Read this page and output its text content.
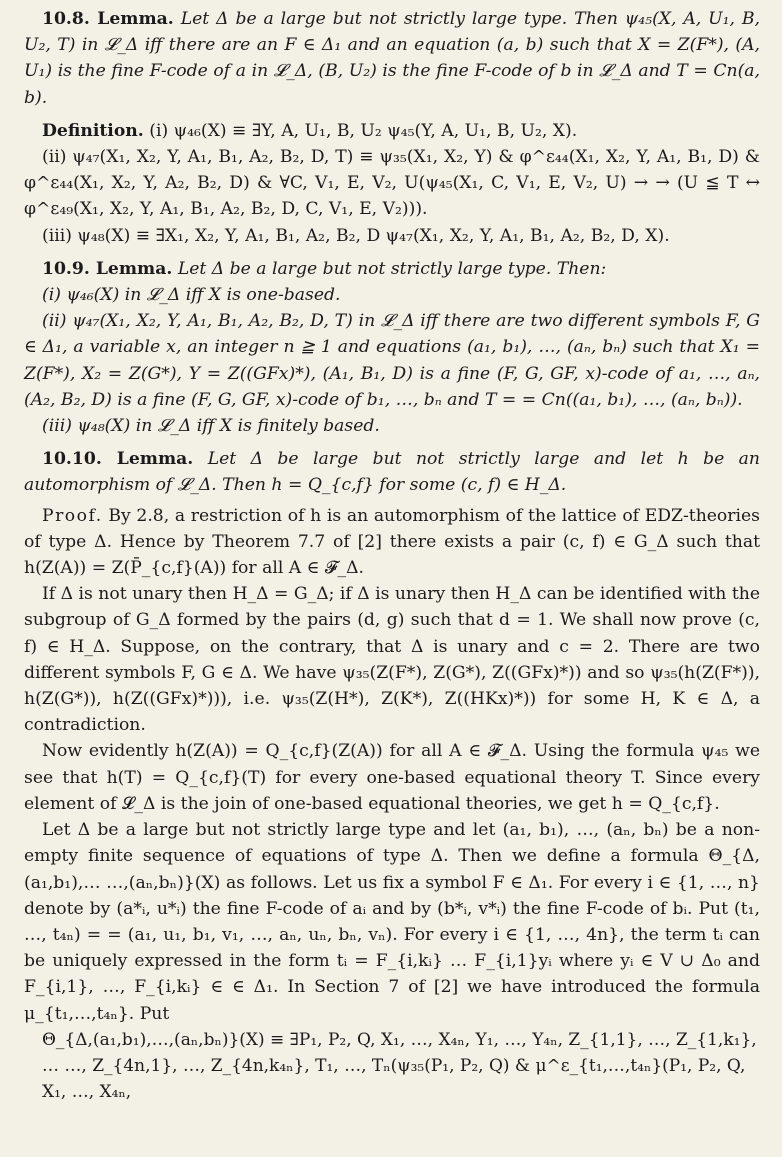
10.8. Lemma. Let Δ be a large but not strictly large type. Then ψ₄₅(X, A, U₁, B, U₂, T) in 𝓛_Δ iff there are an F ∈ Δ₁ and an equation (a, b) such that X = Z(F*), (A, U₁) is the fine F-code of a in 𝓛_Δ, (B, U₂) is the fine F-code of b in 𝓛_Δ and T = Cn(a, b).

Definition. (i) ψ₄₆(X) ≡ ∃Y, A, U₁, B, U₂ ψ₄₅(Y, A, U₁, B, U₂, X).

(ii) ψ₄₇(X₁, X₂, Y, A₁, B₁, A₂, B₂, D, T) ≡ ψ₃₅(X₁, X₂, Y) & φ^ε₄₄(X₁, X₂, Y, A₁, B₁, D) & φ^ε₄₄(X₁, X₂, Y, A₂, B₂, D) & ∀C, V₁, E, V₂, U(ψ₄₅(X₁, C, V₁, E, V₂, U) → → (U ≦ T ↔ φ^ε₄₉(X₁, X₂, Y, A₁, B₁, A₂, B₂, D, C, V₁, E, V₂))).

(iii) ψ₄₈(X) ≡ ∃X₁, X₂, Y, A₁, B₁, A₂, B₂, D ψ₄₇(X₁, X₂, Y, A₁, B₁, A₂, B₂, D, X).

10.9. Lemma. Let Δ be a large but not strictly large type. Then:

(i) ψ₄₆(X) in 𝓛_Δ iff X is one-based.

(ii) ψ₄₇(X₁, X₂, Y, A₁, B₁, A₂, B₂, D, T) in 𝓛_Δ iff there are two different symbols F, G ∈ Δ₁, a variable x, an integer n ≧ 1 and equations (a₁, b₁), …, (aₙ, bₙ) such that X₁ = Z(F*), X₂ = Z(G*), Y = Z((GFx)*), (A₁, B₁, D) is a fine (F, G, GF, x)-code of a₁, …, aₙ, (A₂, B₂, D) is a fine (F, G, GF, x)-code of b₁, …, bₙ and T = = Cn((a₁, b₁), …, (aₙ, bₙ)).

(iii) ψ₄₈(X) in 𝓛_Δ iff X is finitely based.

10.10. Lemma. Let Δ be large but not strictly large and let h be an automorphism of 𝓛_Δ. Then h = Q_{c,f} for some (c, f) ∈ H_Δ.

Proof. By 2.8, a restriction of h is an automorphism of the lattice of EDZ-theories of type Δ. Hence by Theorem 7.7 of [2] there exists a pair (c, f) ∈ G_Δ such that h(Z(A)) = Z(P̄_{c,f}(A)) for all A ∈ 𝓕_Δ.

If Δ is not unary then H_Δ = G_Δ; if Δ is unary then H_Δ can be identified with the subgroup of G_Δ formed by the pairs (d, g) such that d = 1. We shall now prove (c, f) ∈ H_Δ. Suppose, on the contrary, that Δ is unary and c = 2. There are two different symbols F, G ∈ Δ. We have ψ₃₅(Z(F*), Z(G*), Z((GFx)*)) and so ψ₃₅(h(Z(F*)), h(Z(G*)), h(Z((GFx)*))), i.e. ψ₃₅(Z(H*), Z(K*), Z((HKx)*)) for some H, K ∈ Δ, a contradiction.

Now evidently h(Z(A)) = Q_{c,f}(Z(A)) for all A ∈ 𝓕_Δ. Using the formula ψ₄₅ we see that h(T) = Q_{c,f}(T) for every one-based equational theory T. Since every element of 𝓛_Δ is the join of one-based equational theories, we get h = Q_{c,f}.

Let Δ be a large but not strictly large type and let (a₁, b₁), …, (aₙ, bₙ) be a non-empty finite sequence of equations of type Δ. Then we define a formula Θ_{Δ,(a₁,b₁),… …,(aₙ,bₙ)}(X) as follows. Let us fix a symbol F ∈ Δ₁. For every i ∈ {1, …, n} denote by (a*ᵢ, u*ᵢ) the fine F-code of aᵢ and by (b*ᵢ, v*ᵢ) the fine F-code of bᵢ. Put (t₁, …, t₄ₙ) = = (a₁, u₁, b₁, v₁, …, aₙ, uₙ, bₙ, vₙ). For every i ∈ {1, …, 4n}, the term tᵢ can be uniquely expressed in the form tᵢ = F_{i,kᵢ} … F_{i,1}yᵢ where yᵢ ∈ V ∪ Δ₀ and F_{i,1}, …, F_{i,kᵢ} ∈ ∈ Δ₁. In Section 7 of [2] we have introduced the formula μ_{t₁,…,t₄ₙ}. Put

Θ_{Δ,(a₁,b₁),…,(aₙ,bₙ)}(X) ≡ ∃P₁, P₂, Q, X₁, …, X₄ₙ, Y₁, …, Y₄ₙ, Z_{1,1}, …, Z_{1,k₁}, … …, Z_{4n,1}, …, Z_{4n,k₄ₙ}, T₁, …, Tₙ(ψ₃₅(P₁, P₂, Q) & μ^ε_{t₁,…,t₄ₙ}(P₁, P₂, Q, X₁, …, X₄ₙ,
